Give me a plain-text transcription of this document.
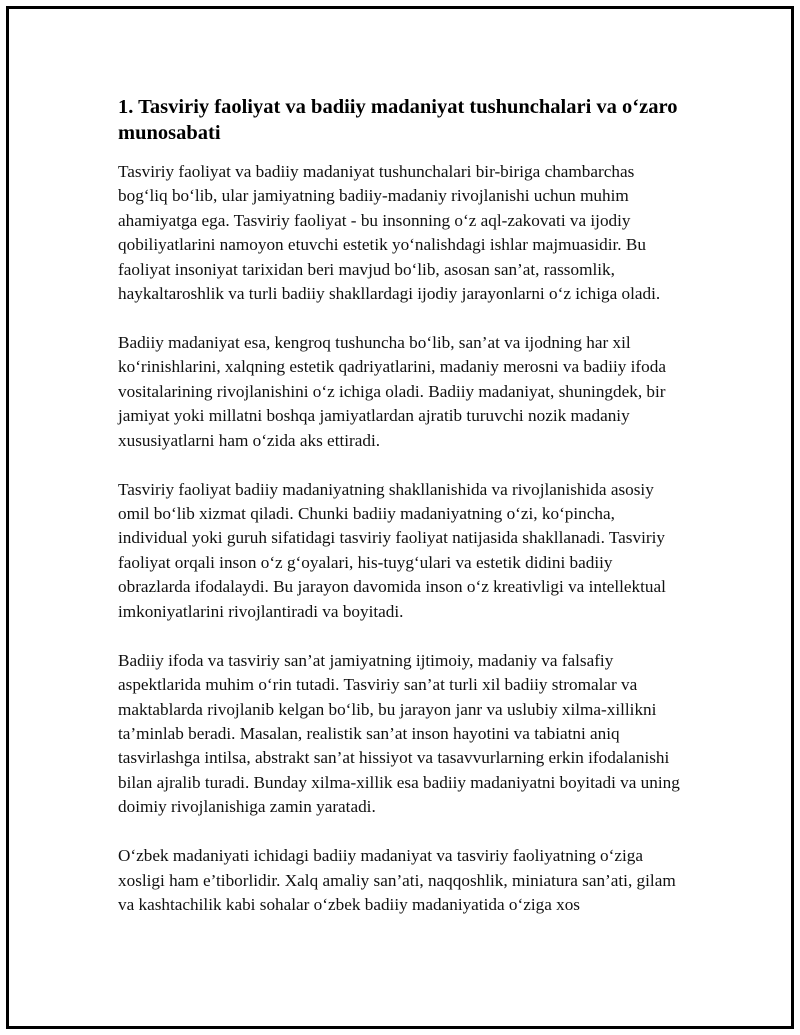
1. Tasviriy faoliyat va badiiy madaniyat tushunchalari va o‘zaro munosabati

Tasviriy faoliyat va badiiy madaniyat tushunchalari bir-biriga chambarchas bog‘liq bo‘lib, ular jamiyatning badiiy-madaniy rivojlanishi uchun muhim ahamiyatga ega. Tasviriy faoliyat - bu insonning o‘z aql-zakovati va ijodiy qobiliyatlarini namoyon etuvchi estetik yo‘nalishdagi ishlar majmuasidir. Bu faoliyat insoniyat tarixidan beri mavjud bo‘lib, asosan san’at, rassomlik, haykaltaroshlik va turli badiiy shakllardagi ijodiy jarayonlarni o‘z ichiga oladi.

Badiiy madaniyat esa, kengroq tushuncha bo‘lib, san’at va ijodning har xil ko‘rinishlarini, xalqning estetik qadriyatlarini, madaniy merosni va badiiy ifoda vositalarining rivojlanishini o‘z ichiga oladi. Badiiy madaniyat, shuningdek, bir jamiyat yoki millatni boshqa jamiyatlardan ajratib turuvchi nozik madaniy xususiyatlarni ham o‘zida aks ettiradi.

Tasviriy faoliyat badiiy madaniyatning shakllanishida va rivojlanishida asosiy omil bo‘lib xizmat qiladi. Chunki badiiy madaniyatning o‘zi, ko‘pincha, individual yoki guruh sifatidagi tasviriy faoliyat natijasida shakllanadi. Tasviriy faoliyat orqali inson o‘z g‘oyalari, his-tuyg‘ulari va estetik didini badiiy obrazlarda ifodalaydi. Bu jarayon davomida inson o‘z kreativligi va intellektual imkoniyatlarini rivojlantiradi va boyitadi.

Badiiy ifoda va tasviriy san’at jamiyatning ijtimoiy, madaniy va falsafiy aspektlarida muhim o‘rin tutadi. Tasviriy san’at turli xil badiiy stromalar va maktablarda rivojlanib kelgan bo‘lib, bu jarayon janr va uslubiy xilma-xillikni ta’minlab beradi. Masalan, realistik san’at inson hayotini va tabiatni aniq tasvirlashga intilsa, abstrakt san’at hissiyot va tasavvurlarning erkin ifodalanishi bilan ajralib turadi. Bunday xilma-xillik esa badiiy madaniyatni boyitadi va uning doimiy rivojlanishiga zamin yaratadi.

O‘zbek madaniyati ichidagi badiiy madaniyat va tasviriy faoliyatning o‘ziga xosligi ham e’tiborlidir. Xalq amaliy san’ati, naqqoshlik, miniatura san’ati, gilam va kashtachilik kabi sohalar o‘zbek badiiy madaniyatida o‘ziga xos
